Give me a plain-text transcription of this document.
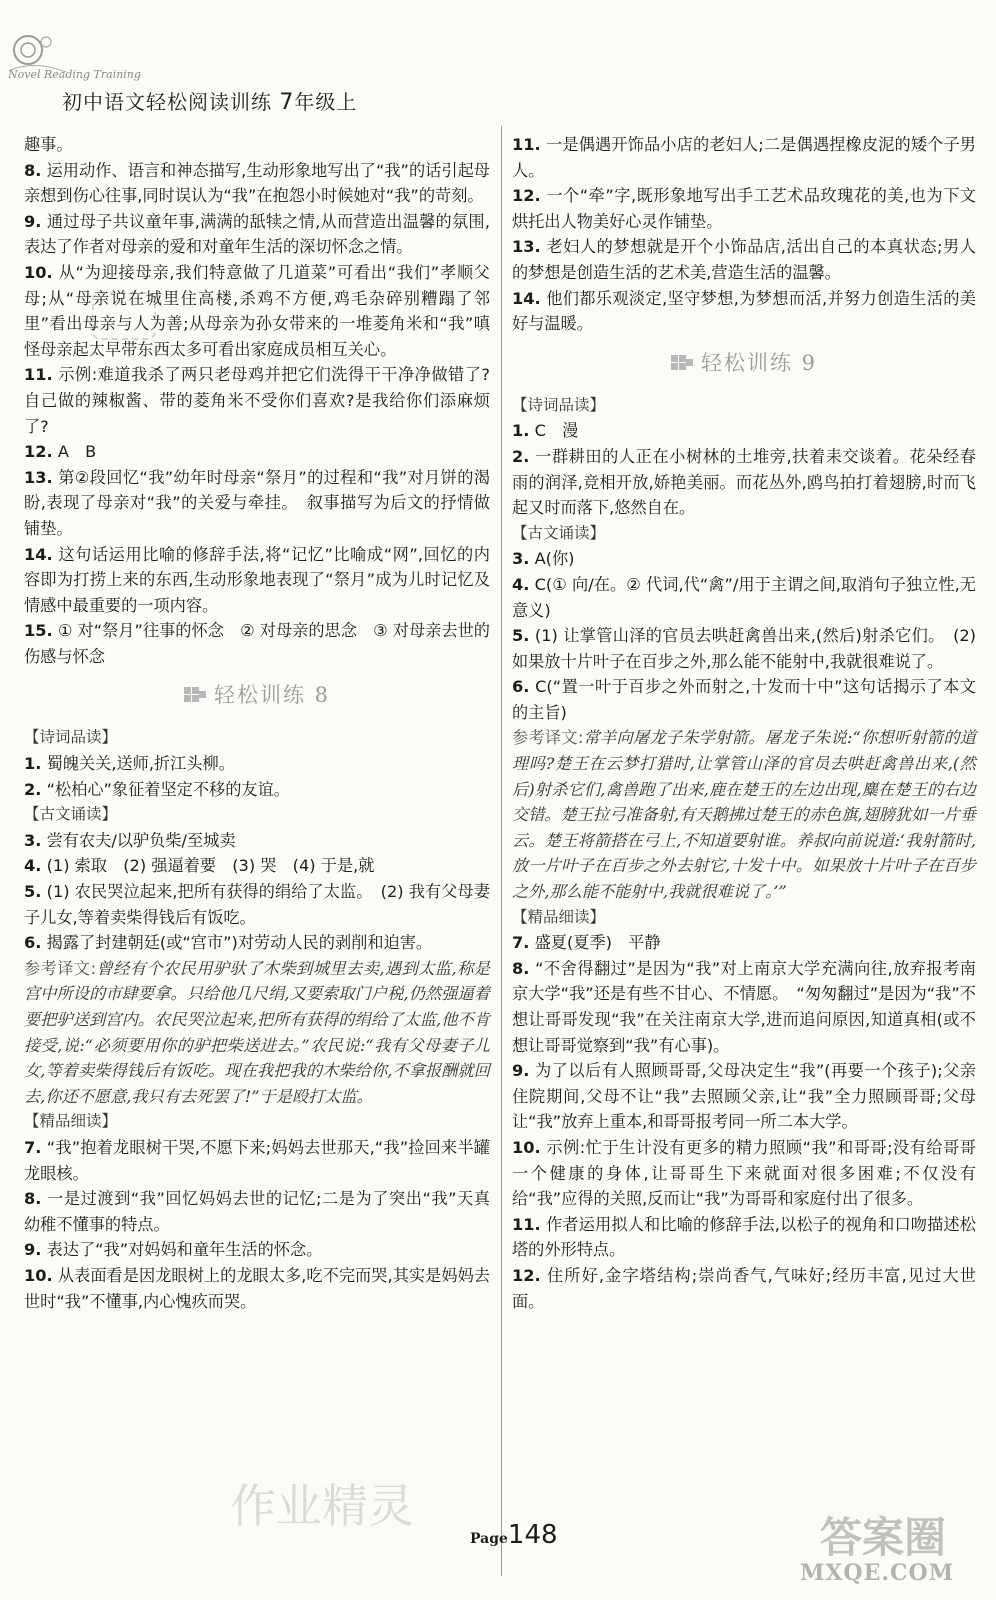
Novel Reading Training
初中语文轻松阅读训练 7年级上

趣事。

8. 运用动作、语言和神态描写,生动形象地写出了“我”的话引起母亲想到伤心往事,同时误认为“我”在抱怨小时候她对“我”的苛刻。

9. 通过母子共议童年事,满满的舐犊之情,从而营造出温馨的氛围,表达了作者对母亲的爱和对童年生活的深切怀念之情。

10. 从“为迎接母亲,我们特意做了几道菜”可看出“我们”孝顺父母;从“母亲说在城里住高楼,杀鸡不方便,鸡毛杂碎别糟蹋了邻里”看出母亲与人为善;从母亲为孙女带来的一堆菱角米和“我”嗔怪母亲起太早带东西太多可看出家庭成员相互关心。

11. 示例:难道我杀了两只老母鸡并把它们洗得干干净净做错了?自己做的辣椒酱、带的菱角米不受你们喜欢?是我给你们添麻烦了?

12. A　B

13. 第②段回忆“我”幼年时母亲“祭月”的过程和“我”对月饼的渴盼,表现了母亲对“我”的关爱与牵挂。　叙事描写为后文的抒情做铺垫。

14. 这句话运用比喻的修辞手法,将“记忆”比喻成“网”,回忆的内容即为打捞上来的东西,生动形象地表现了“祭月”成为儿时记忆及情感中最重要的一项内容。

15. ① 对“祭月”往事的怀念　② 对母亲的思念　③ 对母亲去世的伤感与怀念

轻松训练 8

【诗词品读】

1. 蜀魄关关,送师,折江头柳。

2. “松柏心”象征着坚定不移的友谊。

【古文诵读】

3. 尝有农夫/以驴负柴/至城卖

4. (1) 索取　(2) 强逼着要　(3) 哭　(4) 于是,就

5. (1) 农民哭泣起来,把所有获得的绢给了太监。　(2) 我有父母妻子儿女,等着卖柴得钱后有饭吃。

6. 揭露了封建朝廷(或“宫市”)对劳动人民的剥削和迫害。

参考译文:曾经有个农民用驴驮了木柴到城里去卖,遇到太监,称是宫中所设的市肆要拿。只给他几尺绢,又要索取门户税,仍然强逼着要把驴送到宫内。农民哭泣起来,把所有获得的绢给了太监,他不肯接受,说:“必须要用你的驴把柴送进去。”农民说:“我有父母妻子儿女,等着卖柴得钱后有饭吃。现在我把我的木柴给你,不拿报酬就回去,你还不愿意,我只有去死罢了!”于是殴打太监。

【精品细读】

7. “我”抱着龙眼树干哭,不愿下来;妈妈去世那天,“我”捡回来半罐龙眼核。

8. 一是过渡到“我”回忆妈妈去世的记忆;二是为了突出“我”天真幼稚不懂事的特点。

9. 表达了“我”对妈妈和童年生活的怀念。

10. 从表面看是因龙眼树上的龙眼太多,吃不完而哭,其实是妈妈去世时“我”不懂事,内心愧疚而哭。

11. 一是偶遇开饰品小店的老妇人;二是偶遇捏橡皮泥的矮个子男人。

12. 一个“牵”字,既形象地写出手工艺术品玫瑰花的美,也为下文烘托出人物美好心灵作铺垫。

13. 老妇人的梦想就是开个小饰品店,活出自己的本真状态;男人的梦想是创造生活的艺术美,营造生活的温馨。

14. 他们都乐观淡定,坚守梦想,为梦想而活,并努力创造生活的美好与温暖。

轻松训练 9

【诗词品读】

1. C　漫

2. 一群耕田的人正在小树林的土堆旁,扶着耒交谈着。花朵经春雨的润泽,竞相开放,娇艳美丽。而花丛外,鸥鸟拍打着翅膀,时而飞起又时而落下,悠然自在。

【古文诵读】

3. A(你)

4. C(① 向/在。② 代词,代“禽”/用于主谓之间,取消句子独立性,无意义)

5. (1) 让掌管山泽的官员去哄赶禽兽出来,(然后)射杀它们。　(2) 如果放十片叶子在百步之外,那么能不能射中,我就很难说了。

6. C(“置一叶于百步之外而射之,十发而十中”这句话揭示了本文的主旨)

参考译文:常羊向屠龙子朱学射箭。屠龙子朱说:“你想听射箭的道理吗?楚王在云梦打猎时,让掌管山泽的官员去哄赶禽兽出来,(然后)射杀它们,禽兽跑了出来,鹿在楚王的左边出现,麋在楚王的右边交错。楚王拉弓准备射,有天鹅拂过楚王的赤色旗,翅膀犹如一片垂云。楚王将箭搭在弓上,不知道要射谁。养叔向前说道:‘我射箭时,放一片叶子在百步之外去射它,十发十中。如果放十片叶子在百步之外,那么能不能射中,我就很难说了。’”

【精品细读】

7. 盛夏(夏季)　平静

8. “不舍得翻过”是因为“我”对上南京大学充满向往,放弃报考南京大学“我”还是有些不甘心、不情愿。　“匆匆翻过”是因为“我”不想让哥哥发现“我”在关注南京大学,进而追问原因,知道真相(或不想让哥哥觉察到“我”有心事)。

9. 为了以后有人照顾哥哥,父母决定生“我”(再要一个孩子);父亲住院期间,父母不让“我”去照顾父亲,让“我”全力照顾哥哥;父母让“我”放弃上重本,和哥哥报考同一所二本大学。

10. 示例:忙于生计没有更多的精力照顾“我”和哥哥;没有给哥哥一个健康的身体,让哥哥生下来就面对很多困难;不仅没有给“我”应得的关照,反而让“我”为哥哥和家庭付出了很多。

11. 作者运用拟人和比喻的修辞手法,以松子的视角和口吻描述松塔的外形特点。

12. 住所好,金字塔结构;崇尚香气,气味好;经历丰富,见过大世面。

Page148
作业精灵
答案圈
MXQE.COM
